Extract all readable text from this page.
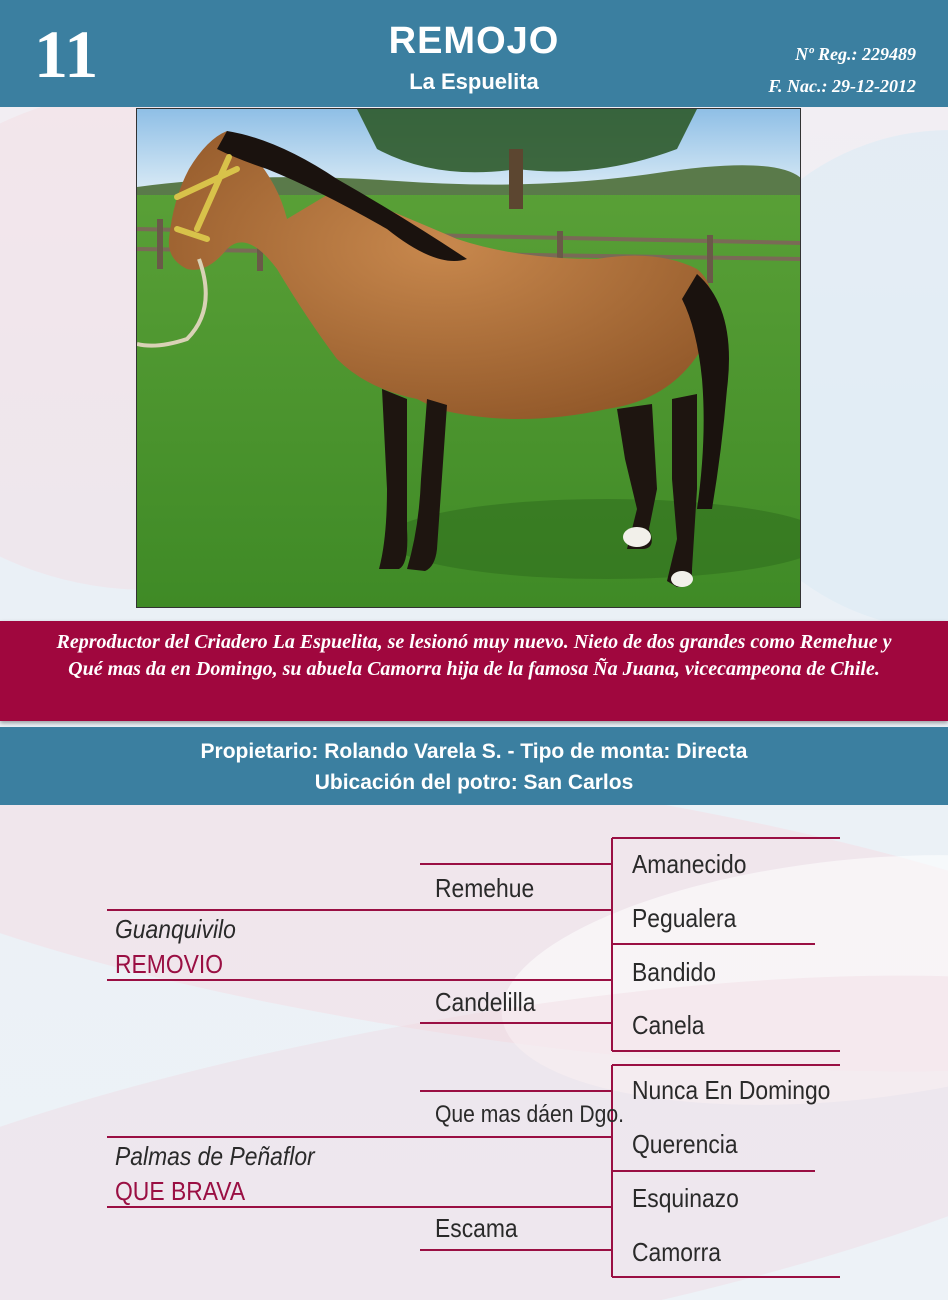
11	REMOJO
La Espuelita
Nº Reg.: 229489
F. Nac.: 29-12-2012

Reproductor del Criadero La Espuelita, se lesionó muy nuevo. Nieto de dos grandes como Remehue y Qué mas da en Domingo, su abuela Camorra hija de la famosa Ña Juana, vicecampeona de Chile.

Propietario: Rolando Varela S. - Tipo de monta: Directa
Ubicación del potro: San Carlos
Guanquivilo
REMOVIO
Remehue
Candelilla
Amanecido
Pegualera
Bandido
Canela
Palmas de Peñaflor
QUE BRAVA
Que mas dáen Dgo.
Escama
Nunca En Domingo
Querencia
Esquinazo
Camorra
